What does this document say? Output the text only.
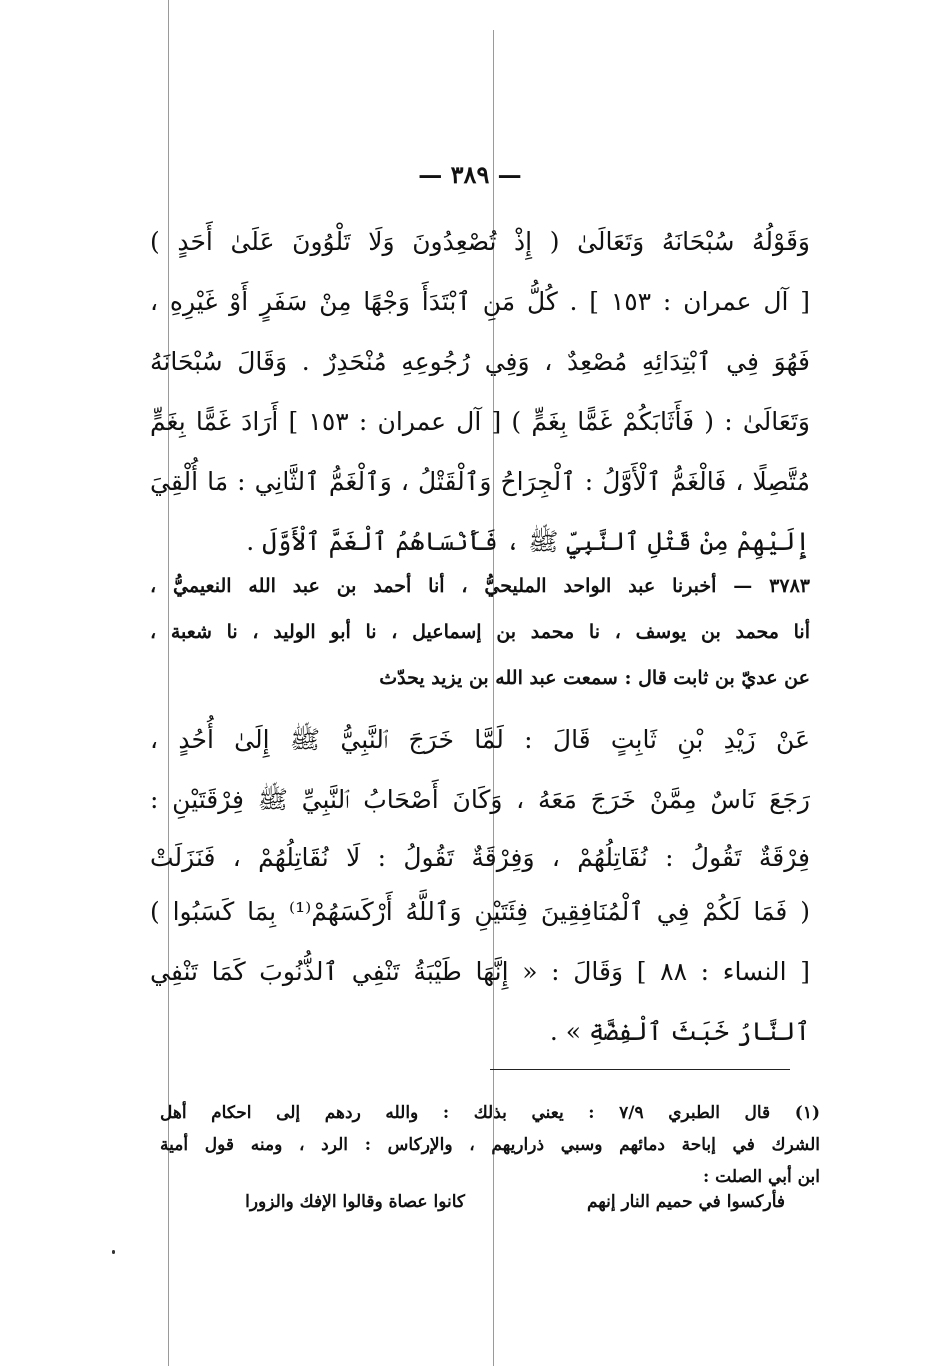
— ٣٨٩ —
وَقَوْلُهُ سُبْحَانَهُ وَتَعَالَىٰ ( إِذْ تُصْعِدُونَ وَلَا تَلْوُونَ عَلَىٰ أَحَدٍ )
[ آل عمران : ١٥٣ ] . كُلُّ مَنِ ٱبْتَدَأَ وَجْهًا مِنْ سَفَرٍ أَوْ غَيْرِهِ ،
فَهُوَ فِي ٱبْتِدَائِهِ مُصْعِدٌ ، وَفِي رُجُوعِهِ مُنْحَدِرٌ . وَقَالَ سُبْحَانَهُ
وَتَعَالَىٰ : ( فَأَثَابَكُمْ غَمًّا بِغَمٍّ ) [ آل عمران : ١٥٣ ] أَرَادَ غَمًّا بِغَمٍّ
مُتَّصِلًا ، فَالْغَمُّ ٱلْأَوَّلُ : ٱلْجِرَاحُ وَٱلْقَتْلُ ، وَٱلْغَمُّ ٱلثَّانِي : مَا أُلْقِيَ
إِلَيْهِمْ مِنْ قَتْلِ ٱلنَّبِيِّ ﷺ ، فَأَنْسَاهُمُ ٱلْغَمَّ ٱلْأَوَّلَ .
٣٧٨٣ — أخبرنا عبد الواحد المليحيُّ ، أنا أحمد بن عبد الله النعيميُّ ،
أنا محمد بن يوسف ، نا محمد بن إسماعيل ، نا أبو الوليد ، نا شعبة ،
عن عديّ بن ثابت قال : سمعت عبد الله بن يزيد يحدّث
عَنْ زَيْدِ بْنِ ثَابِتٍ قَالَ : لَمَّا خَرَجَ ٱلنَّبِيُّ ﷺ إِلَىٰ أُحُدٍ ،
رَجَعَ نَاسٌ مِمَّنْ خَرَجَ مَعَهُ ، وَكَانَ أَصْحَابُ ٱلنَّبِيِّ ﷺ فِرْقَتَيْنِ :
فِرْقَةٌ تَقُولُ : نُقَاتِلُهُمْ ، وَفِرْقَةٌ تَقُولُ : لَا نُقَاتِلُهُمْ ، فَنَزَلَتْ
( فَمَا لَكُمْ فِي ٱلْمُنَافِقِينَ فِئَتَيْنِ وَٱللَّهُ أَرْكَسَهُمْ⁽¹⁾ بِمَا كَسَبُوا )
[ النساء : ٨٨ ] وَقَالَ : « إِنَّهَا طَيْبَةُ تَنْفِي ٱلذُّنُوبَ كَمَا تَنْفِي
ٱلنَّارُ خَبَثَ ٱلْفِضَّةِ » .
(١) قال الطبري ٧/٩ : يعني بذلك : والله ردهم إلى احكام أهل
الشرك في إباحة دمائهم وسبي ذراريهم ، والإركاس : الرد ، ومنه قول أمية
ابن أبي الصلت :
فأركسوا في حميم النار إنهم
كانوا عصاة وقالوا الإفك والزورا
